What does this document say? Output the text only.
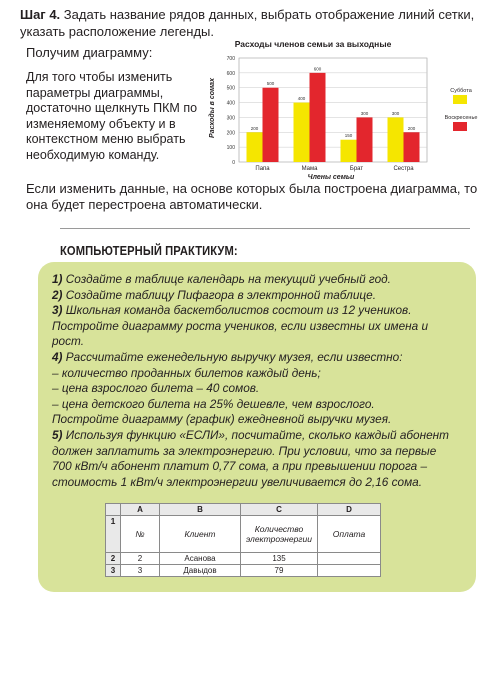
Шаг 4. Задать название рядов данных, выбрать отображение линий сетки, указать расположение легенды.
Получим диаграмму:
Для того чтобы изменить параметры диаграммы, достаточно щелкнуть ПКМ по изменяемому объекту и в контекстном меню выбрать необходимую команду.
Расходы членов семьи за выходные
0
100
200
300
400
500
600
700
200
500
Папа
400
600
Мама
150
300
Брат
300
200
Сестра
Расходы в сомах
Члены семьи
Суббота
Воскресенье
Если изменить данные, на основе которых была построена диаграмма, то она будет перестроена автоматически.
КОМПЬЮТЕРНЫЙ ПРАКТИКУМ:
1) Создайте в таблице календарь на текущий учебный год.
2) Создайте таблицу Пифагора в электронной таблице.
3) Школьная команда баскетболистов состоит из 12 учеников.
Постройте диаграмму роста учеников, если известны их имена и
рост.
4) Рассчитайте еженедельную выручку музея, если известно:
– количество проданных билетов каждый день;
– цена взрослого билета – 40 сомов.
– цена детского билета на 25% дешевле, чем взрослого.
Постройте диаграмму (график) ежедневной выручки музея.
5) Используя функцию «ЕСЛИ», посчитайте, сколько каждый абонент
должен заплатить за электроэнергию. При условии, что за первые
700 кВт/ч абонент платит 0,77 сома, а при превышении порога –
стоимость 1 кВт/ч электроэнергии увеличивается до 2,16 сома.
	A	B	C	D
1	№	Клиент	Количество электроэнергии	Оплата
2	2	Асанова	135	
3	3	Давыдов	79	
